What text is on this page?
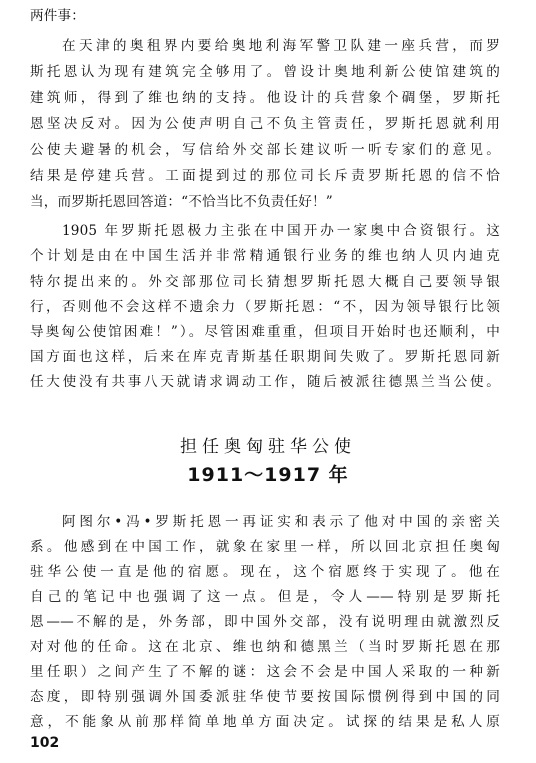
两件事：
在天津的奥租界内要给奥地利海军警卫队建一座兵营，而罗
斯托恩认为现有建筑完全够用了。曾设计奥地利新公使馆建筑的
建筑师，得到了维也纳的支持。他设计的兵营象个碉堡，罗斯托
恩坚决反对。因为公使声明自己不负主管责任，罗斯托恩就利用
公使夫避暑的机会，写信给外交部长建议听一听专家们的意见。
结果是停建兵营。工面提到过的那位司长斥责罗斯托恩的信不恰
当，而罗斯托恩回答道：“不恰当比不负责任好！”
1905 年罗斯托恩极力主张在中国开办一家奥中合资银行。这
个计划是由在中国生活并非常精通银行业务的维也纳人贝内迪克
特尔提出来的。外交部那位司长猜想罗斯托恩大概自己要领导银
行，否则他不会这样不遗余力（罗斯托恩：“不，因为领导银行比领
导奥匈公使馆困难！”）。尽管困难重重，但项目开始时也还顺利，中
国方面也这样，后来在库克青斯基任职期间失败了。罗斯托恩同新
任大使没有共事八天就请求调动工作，随后被派往德黑兰当公使。
担任奥匈驻华公使
1911～1917 年
阿图尔•冯•罗斯托恩一再证实和表示了他对中国的亲密关
系。他感到在中国工作，就象在家里一样，所以回北京担任奥匈
驻华公使一直是他的宿愿。现在，这个宿愿终于实现了。他在
自己的笔记中也强调了这一点。但是，令人——特别是罗斯托
恩——不解的是，外务部，即中国外交部，没有说明理由就激烈反
对对他的任命。这在北京、维也纳和德黑兰（当时罗斯托恩在那
里任职）之间产生了不解的谜：这会不会是中国人采取的一种新
态度，即特别强调外国委派驻华使节要按国际惯例得到中国的同
意，不能象从前那样简单地单方面决定。试探的结果是私人原
102
